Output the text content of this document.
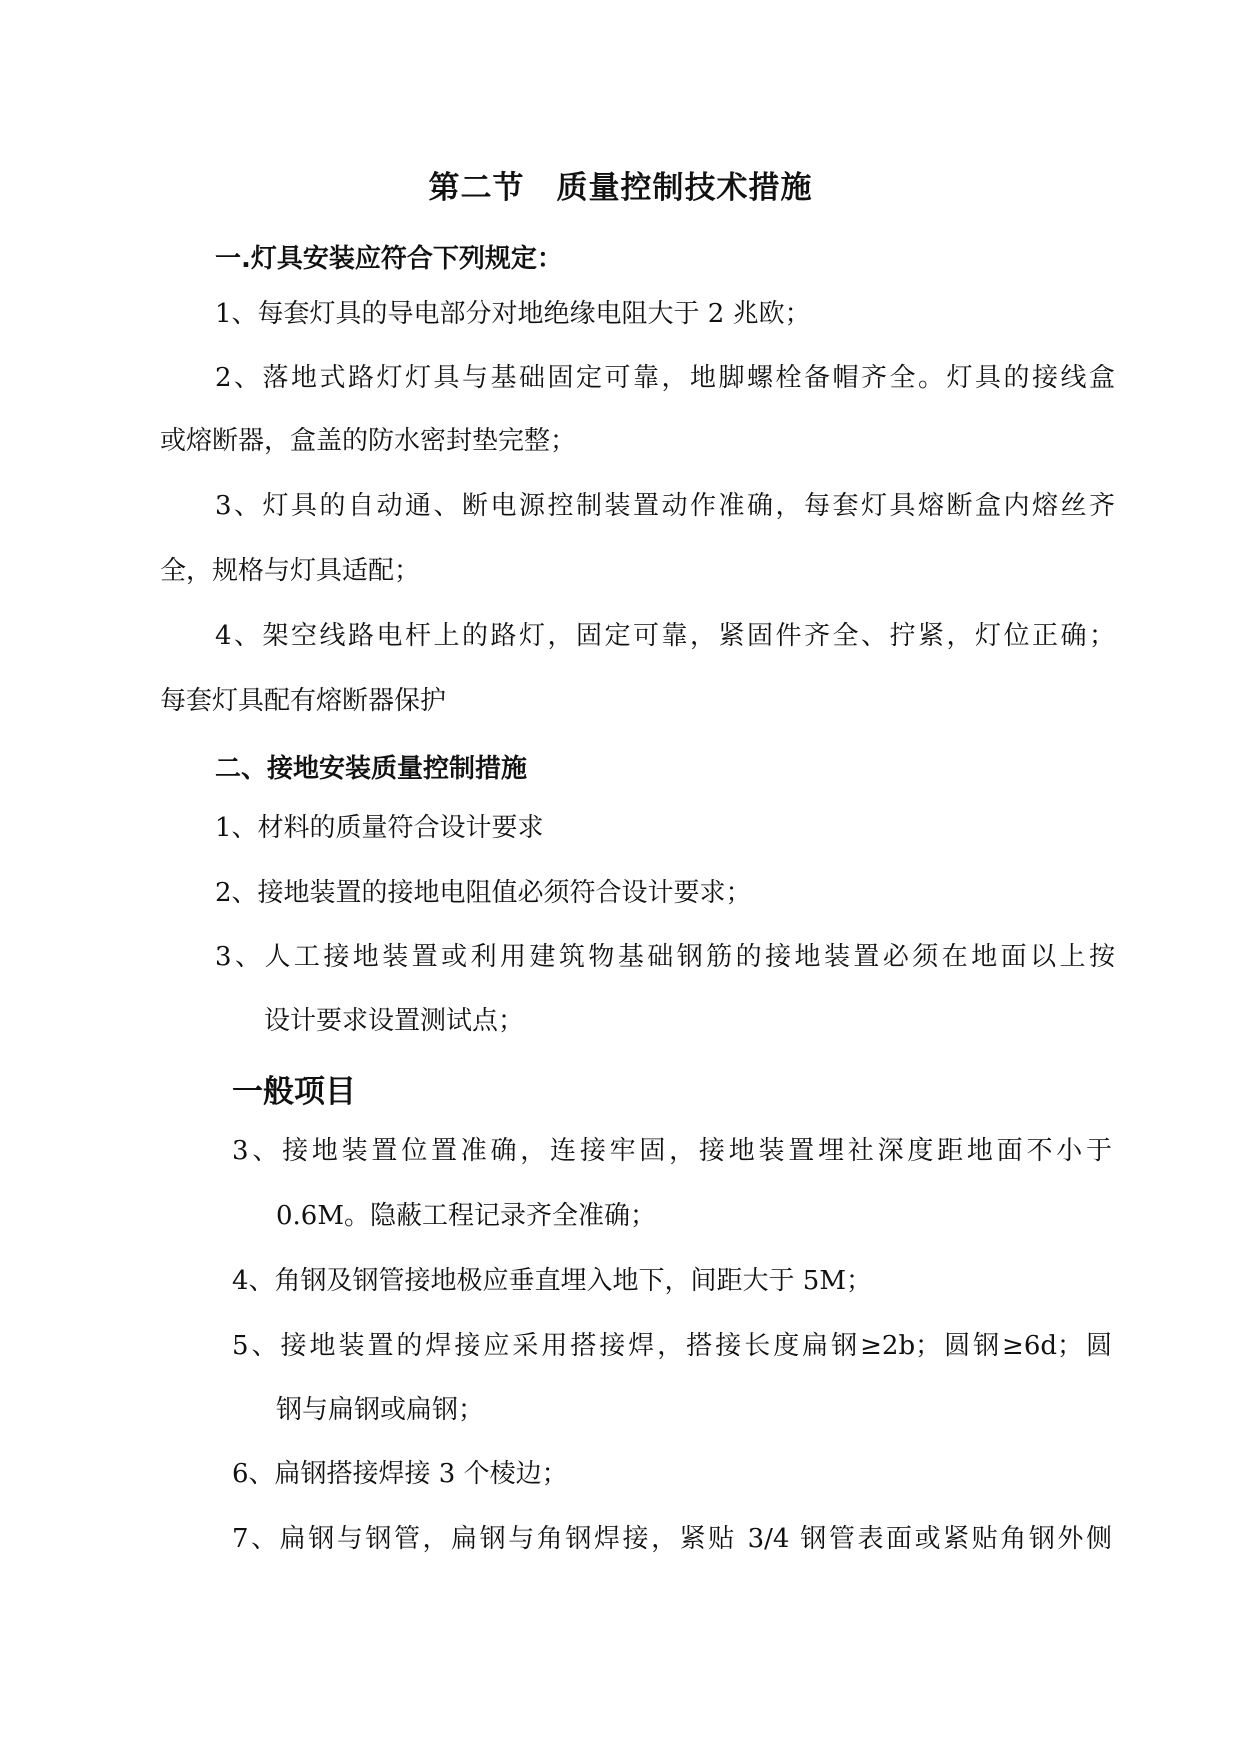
第二节　质量控制技术措施
一.灯具安装应符合下列规定：
1、每套灯具的导电部分对地绝缘电阻大于 2 兆欧；
2、落地式路灯灯具与基础固定可靠，地脚螺栓备帽齐全。灯具的接线盒
或熔断器，盒盖的防水密封垫完整；
3、灯具的自动通、断电源控制装置动作准确，每套灯具熔断盒内熔丝齐
全，规格与灯具适配；
4、架空线路电杆上的路灯，固定可靠，紧固件齐全、拧紧，灯位正确；
每套灯具配有熔断器保护
二、接地安装质量控制措施
1、材料的质量符合设计要求
2、接地装置的接地电阻值必须符合设计要求；
3、人工接地装置或利用建筑物基础钢筋的接地装置必须在地面以上按
设计要求设置测试点；
一般项目
3、接地装置位置准确，连接牢固，接地装置埋社深度距地面不小于
0.6M。隐蔽工程记录齐全准确；
4、角钢及钢管接地极应垂直埋入地下，间距大于 5M；
5、接地装置的焊接应采用搭接焊，搭接长度扁钢≥2b；圆钢≥6d；圆
钢与扁钢或扁钢；
6、扁钢搭接焊接 3 个棱边；
7、扁钢与钢管，扁钢与角钢焊接，紧贴 3/4 钢管表面或紧贴角钢外侧
